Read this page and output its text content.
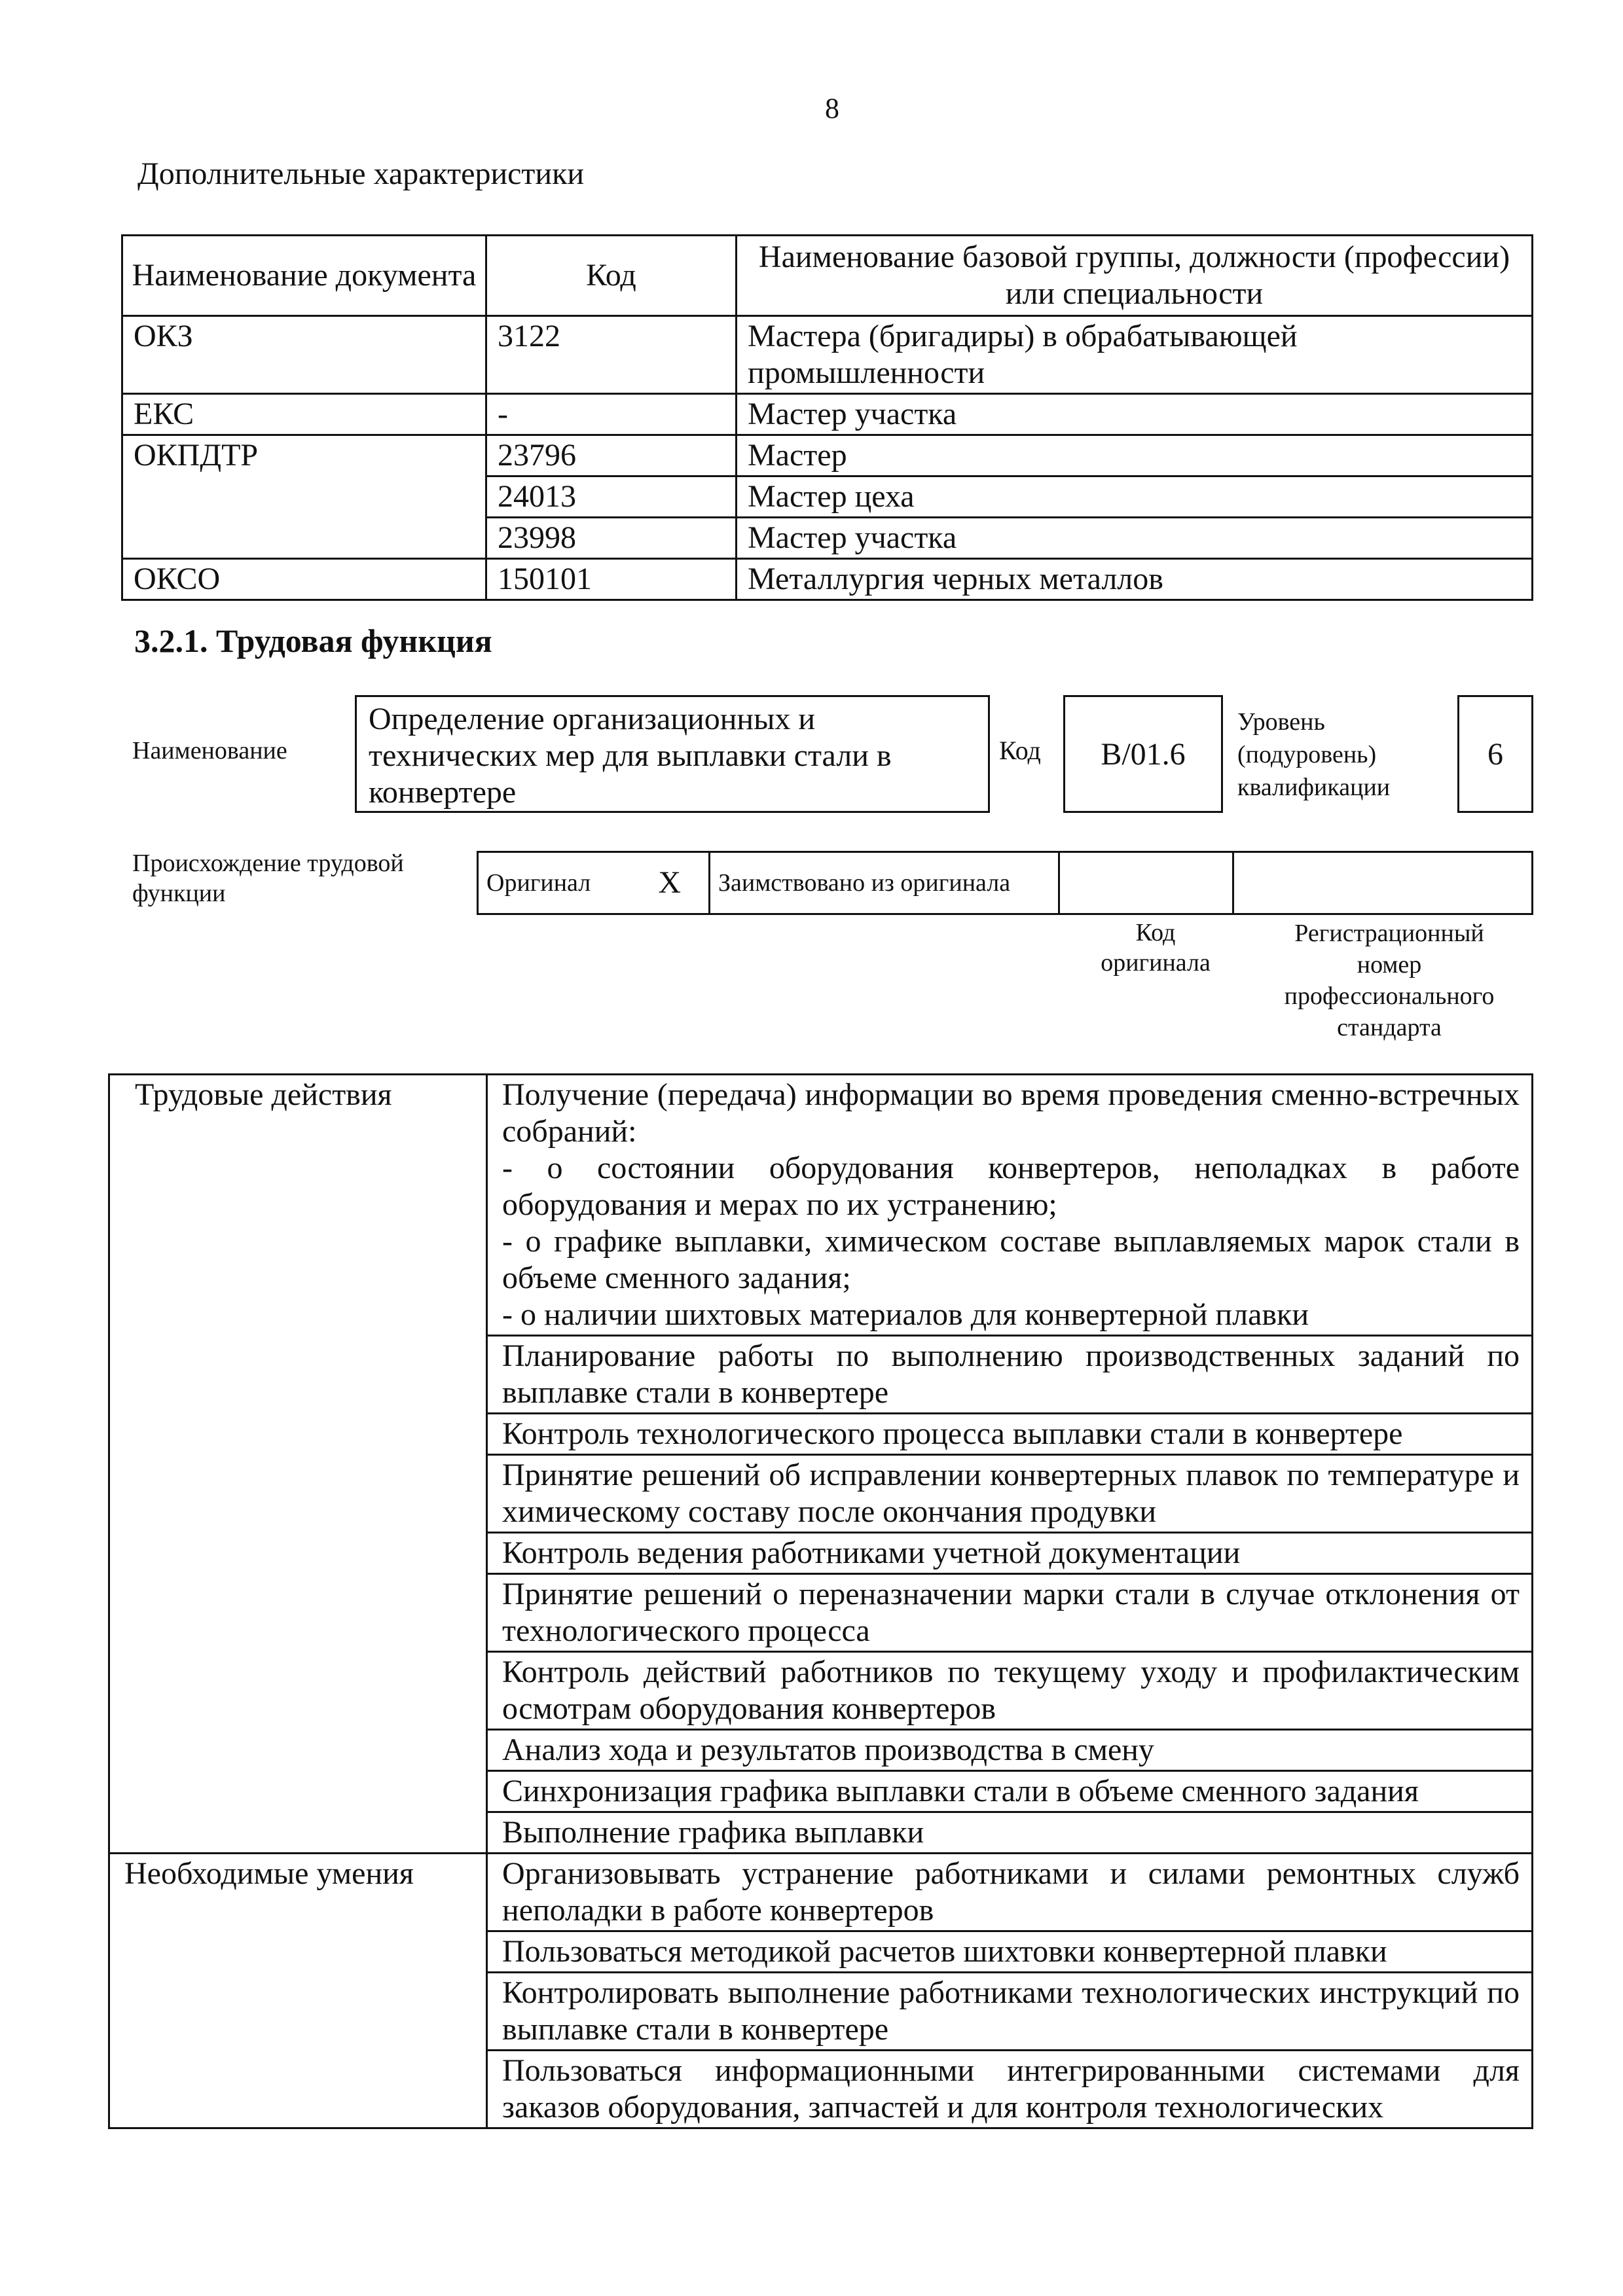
8
Дополнительные характеристики
Наименование документа	Код	Наименование базовой группы, должности (профессии) или специальности
ОКЗ	3122	Мастера (бригадиры) в обрабатывающей промышленности
ЕКС	-	Мастер участка
ОКПДТР	23796	Мастер
	24013	Мастер цеха
	23998	Мастер участка
ОКСО	150101	Металлургия черных металлов
3.2.1. Трудовая функция
Наименование
Определение организационных и технических мер для выплавки стали в конвертере
Код	B/01.6
Уровень (подуровень) квалификации
6
Происхождение трудовой функции	Оригинал	X	Заимствовано из оригинала		
Код оригинала
Регистрационный номер профессионального стандарта
Трудовые действия	Получение (передача) информации во время проведения сменно-встречных собраний:
- о состоянии оборудования конвертеров, неполадках в работе оборудования и мерах по их устранению;
- о графике выплавки, химическом составе выплавляемых марок стали в объеме сменного задания;
- о наличии шихтовых материалов для конвертерной плавки
	Планирование работы по выполнению производственных заданий по выплавке стали в конвертере
	Контроль технологического процесса выплавки стали в конвертере
	Принятие решений об исправлении конвертерных плавок по температуре и химическому составу после окончания продувки
	Контроль ведения работниками учетной документации
	Принятие решений о переназначении марки стали в случае отклонения от технологического процесса
	Контроль действий работников по текущему уходу и профилактическим осмотрам оборудования конвертеров
	Анализ хода и результатов производства в смену
	Синхронизация графика выплавки стали в объеме сменного задания
	Выполнение графика выплавки
Необходимые умения	Организовывать устранение работниками и силами ремонтных служб неполадки в работе конвертеров
	Пользоваться методикой расчетов шихтовки конвертерной плавки
	Контролировать выполнение работниками технологических инструкций по выплавке стали в конвертере
	Пользоваться информационными интегрированными системами для заказов оборудования, запчастей и для контроля технологических
